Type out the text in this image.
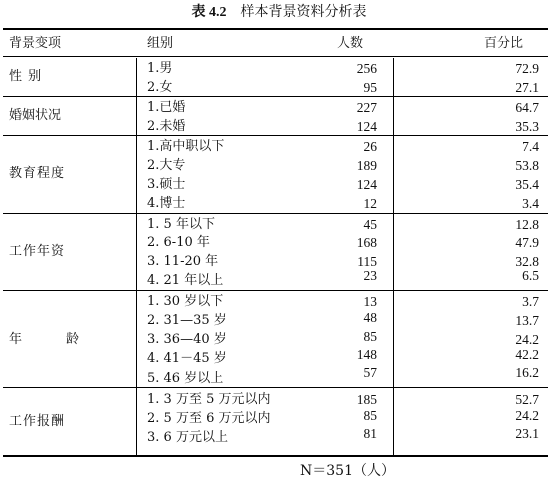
表 4.2 样本背景资料分析表
背景变项	组别	人数	百分比
性 别
1.男	256	72.9
2.女	95	27.1
婚姻状况
1.已婚	227	64.7
2.未婚	124	35.3
教育程度
1.高中职以下	26	7.4
2.大专	189	53.8
3.硕士	124	35.4
4.博士	12	3.4
工作年资
1. 5 年以下	45	12.8
2. 6-10 年	168	47.9
3. 11-20 年	115	32.8
4. 21 年以上	23	6.5
年	龄
1. 30 岁以下	13	3.7
2. 31—35 岁	48	13.7
3. 36—40 岁	85	24.2
4. 41－45 岁	148	42.2
5. 46 岁以上	57	16.2
工作报酬
1. 3 万至 5 万元以内	185	52.7
2. 5 万至 6 万元以内	85	24.2
3. 6 万元以上	81	23.1
N＝351（人）
